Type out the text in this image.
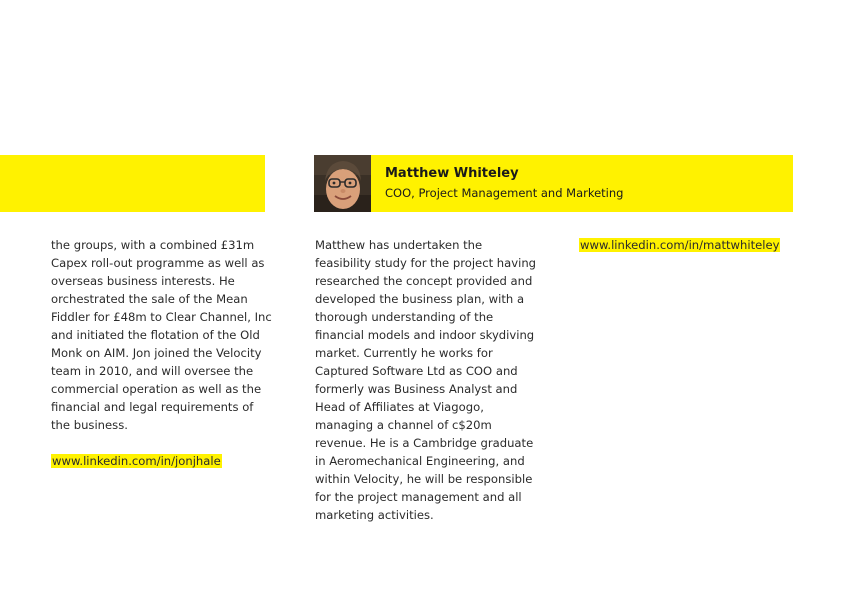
Matthew Whiteley
COO, Project Management and Marketing
the groups, with a combined £31m
Capex roll-out programme as well as
overseas business interests. He
orchestrated the sale of the Mean
Fiddler for £48m to Clear Channel, Inc
and initiated the flotation of the Old
Monk on AIM. Jon joined the Velocity
team in 2010, and will oversee the
commercial operation as well as the
financial and legal requirements of
the business.
www.linkedin.com/in/jonjhale
Matthew has undertaken the
feasibility study for the project having
researched the concept provided and
developed the business plan, with a
thorough understanding of the
financial models and indoor skydiving
market. Currently he works for
Captured Software Ltd as COO and
formerly was Business Analyst and
Head of Affiliates at Viagogo,
managing a channel of c$20m
revenue. He is a Cambridge graduate
in Aeromechanical Engineering, and
within Velocity, he will be responsible
for the project management and all
marketing activities.
www.linkedin.com/in/mattwhiteley
